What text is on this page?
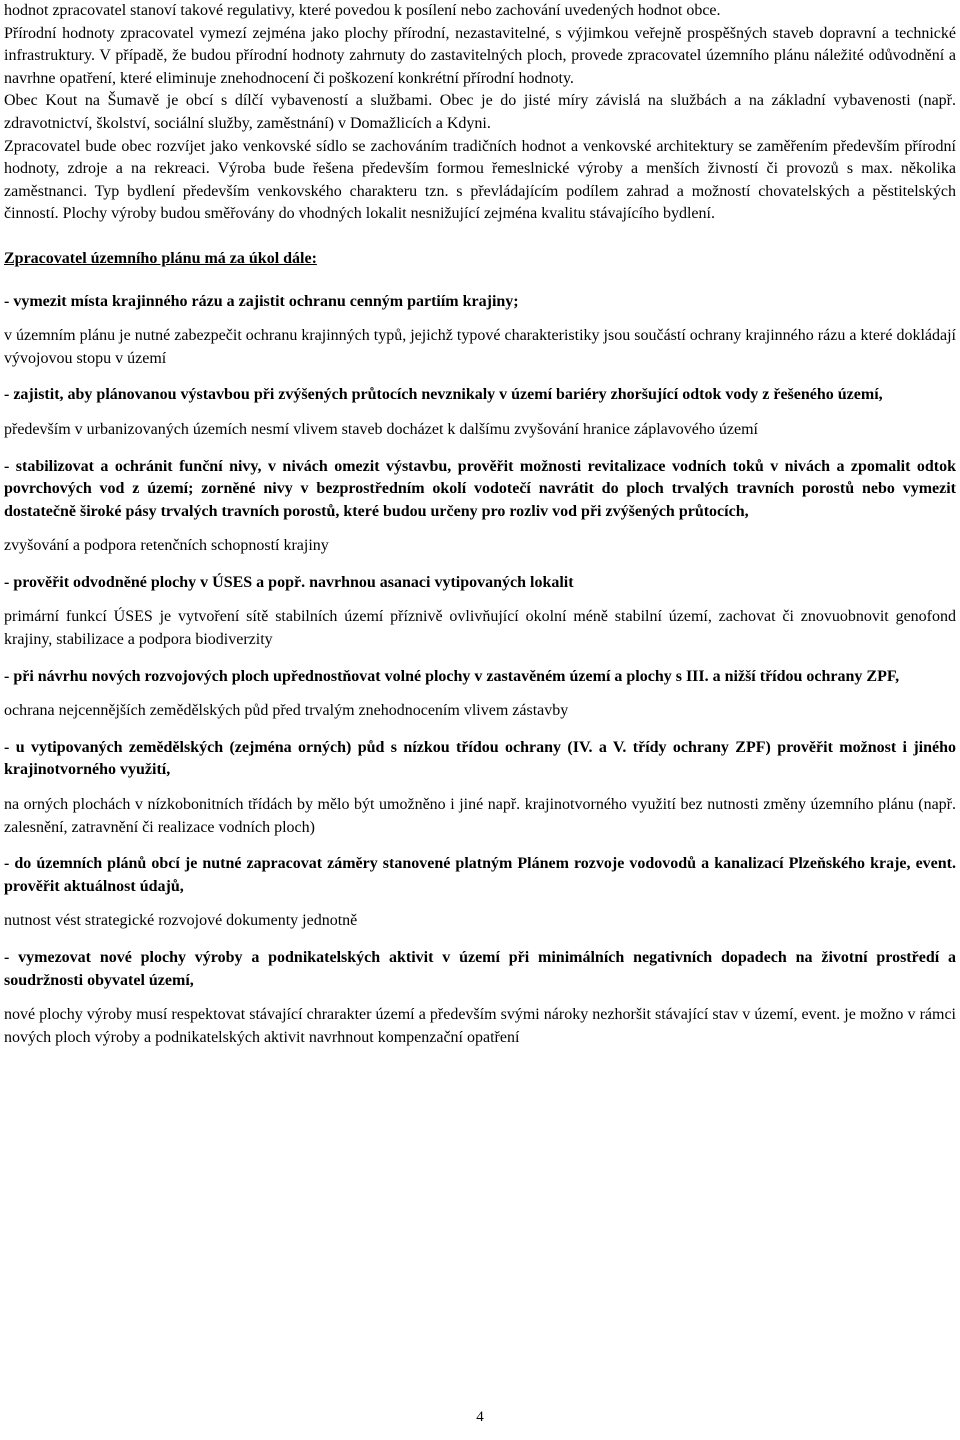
hodnot zpracovatel stanoví takové regulativy, které povedou k posílení nebo zachování uvedených hodnot obce.

Přírodní hodnoty zpracovatel vymezí zejména jako plochy přírodní, nezastavitelné, s výjimkou veřejně prospěšných staveb dopravní a technické infrastruktury. V případě, že budou přírodní hodnoty zahrnuty do zastavitelných ploch, provede zpracovatel územního plánu náležité odůvodnění a navrhne opatření, které eliminuje znehodnocení či poškození konkrétní přírodní hodnoty.

Obec Kout na Šumavě je obcí s dílčí vybaveností a službami. Obec je do jisté míry závislá na službách a na základní vybavenosti (např. zdravotnictví, školství, sociální služby, zaměstnání) v Domažlicích a Kdyni.

Zpracovatel bude obec rozvíjet jako venkovské sídlo se zachováním tradičních hodnot a venkovské architektury se zaměřením především přírodní hodnoty, zdroje a na rekreaci. Výroba bude řešena především formou řemeslnické výroby a menších živností či provozů s max. několika zaměstnanci. Typ bydlení především venkovského charakteru tzn. s převládajícím podílem zahrad a možností chovatelských a pěstitelských činností. Plochy výroby budou směřovány do vhodných lokalit nesnižující zejména kvalitu stávajícího bydlení.

Zpracovatel územního plánu má za úkol dále:

- vymezit místa krajinného rázu a zajistit ochranu cenným partiím krajiny;

v územním plánu je nutné zabezpečit ochranu krajinných typů, jejichž typové charakteristiky jsou součástí ochrany krajinného rázu a které dokládají vývojovou stopu v území

- zajistit, aby plánovanou výstavbou při zvýšených průtocích nevznikaly v území bariéry zhoršující odtok vody z řešeného území,

především v urbanizovaných územích nesmí vlivem staveb docházet k dalšímu zvyšování hranice záplavového území

- stabilizovat a ochránit funční nivy, v nivách omezit výstavbu, prověřit možnosti revitalizace vodních toků v nivách a zpomalit odtok povrchových vod z území; zorněné nivy v bezprostředním okolí vodotečí navrátit do ploch trvalých travních porostů nebo vymezit dostatečně široké pásy trvalých travních porostů, které budou určeny pro rozliv vod při zvýšených průtocích,

zvyšování a podpora retenčních schopností krajiny

- prověřit odvodněné plochy v ÚSES a popř. navrhnou asanaci vytipovaných lokalit

primární funkcí ÚSES je vytvoření sítě stabilních území příznivě ovlivňující okolní méně stabilní území, zachovat či znovuobnovit genofond krajiny, stabilizace a podpora biodiverzity

- při návrhu nových rozvojových ploch upřednostňovat volné plochy v zastavěném území a plochy s III. a nižší třídou ochrany ZPF,

ochrana nejcennějších zemědělských půd před trvalým znehodnocením vlivem zástavby

- u vytipovaných zemědělských (zejména orných) půd s nízkou třídou ochrany (IV. a V. třídy ochrany ZPF) prověřit možnost i jiného krajinotvorného využití,

na orných plochách v nízkobonitních třídách by mělo být umožněno i jiné např. krajinotvorného využití bez nutnosti změny územního plánu (např. zalesnění, zatravnění či realizace vodních ploch)

- do územních plánů obcí je nutné zapracovat záměry stanovené platným Plánem rozvoje vodovodů a kanalizací Plzeňského kraje, event. prověřit aktuálnost údajů,

nutnost vést strategické rozvojové dokumenty jednotně

- vymezovat nové plochy výroby a podnikatelských aktivit v území při minimálních negativních dopadech na životní prostředí a soudržnosti obyvatel území,

nové plochy výroby musí respektovat stávající chrarakter území a především svými nároky nezhoršit stávající stav v území, event. je možno v rámci nových ploch výroby a podnikatelských aktivit navrhnout kompenzační opatření

4
